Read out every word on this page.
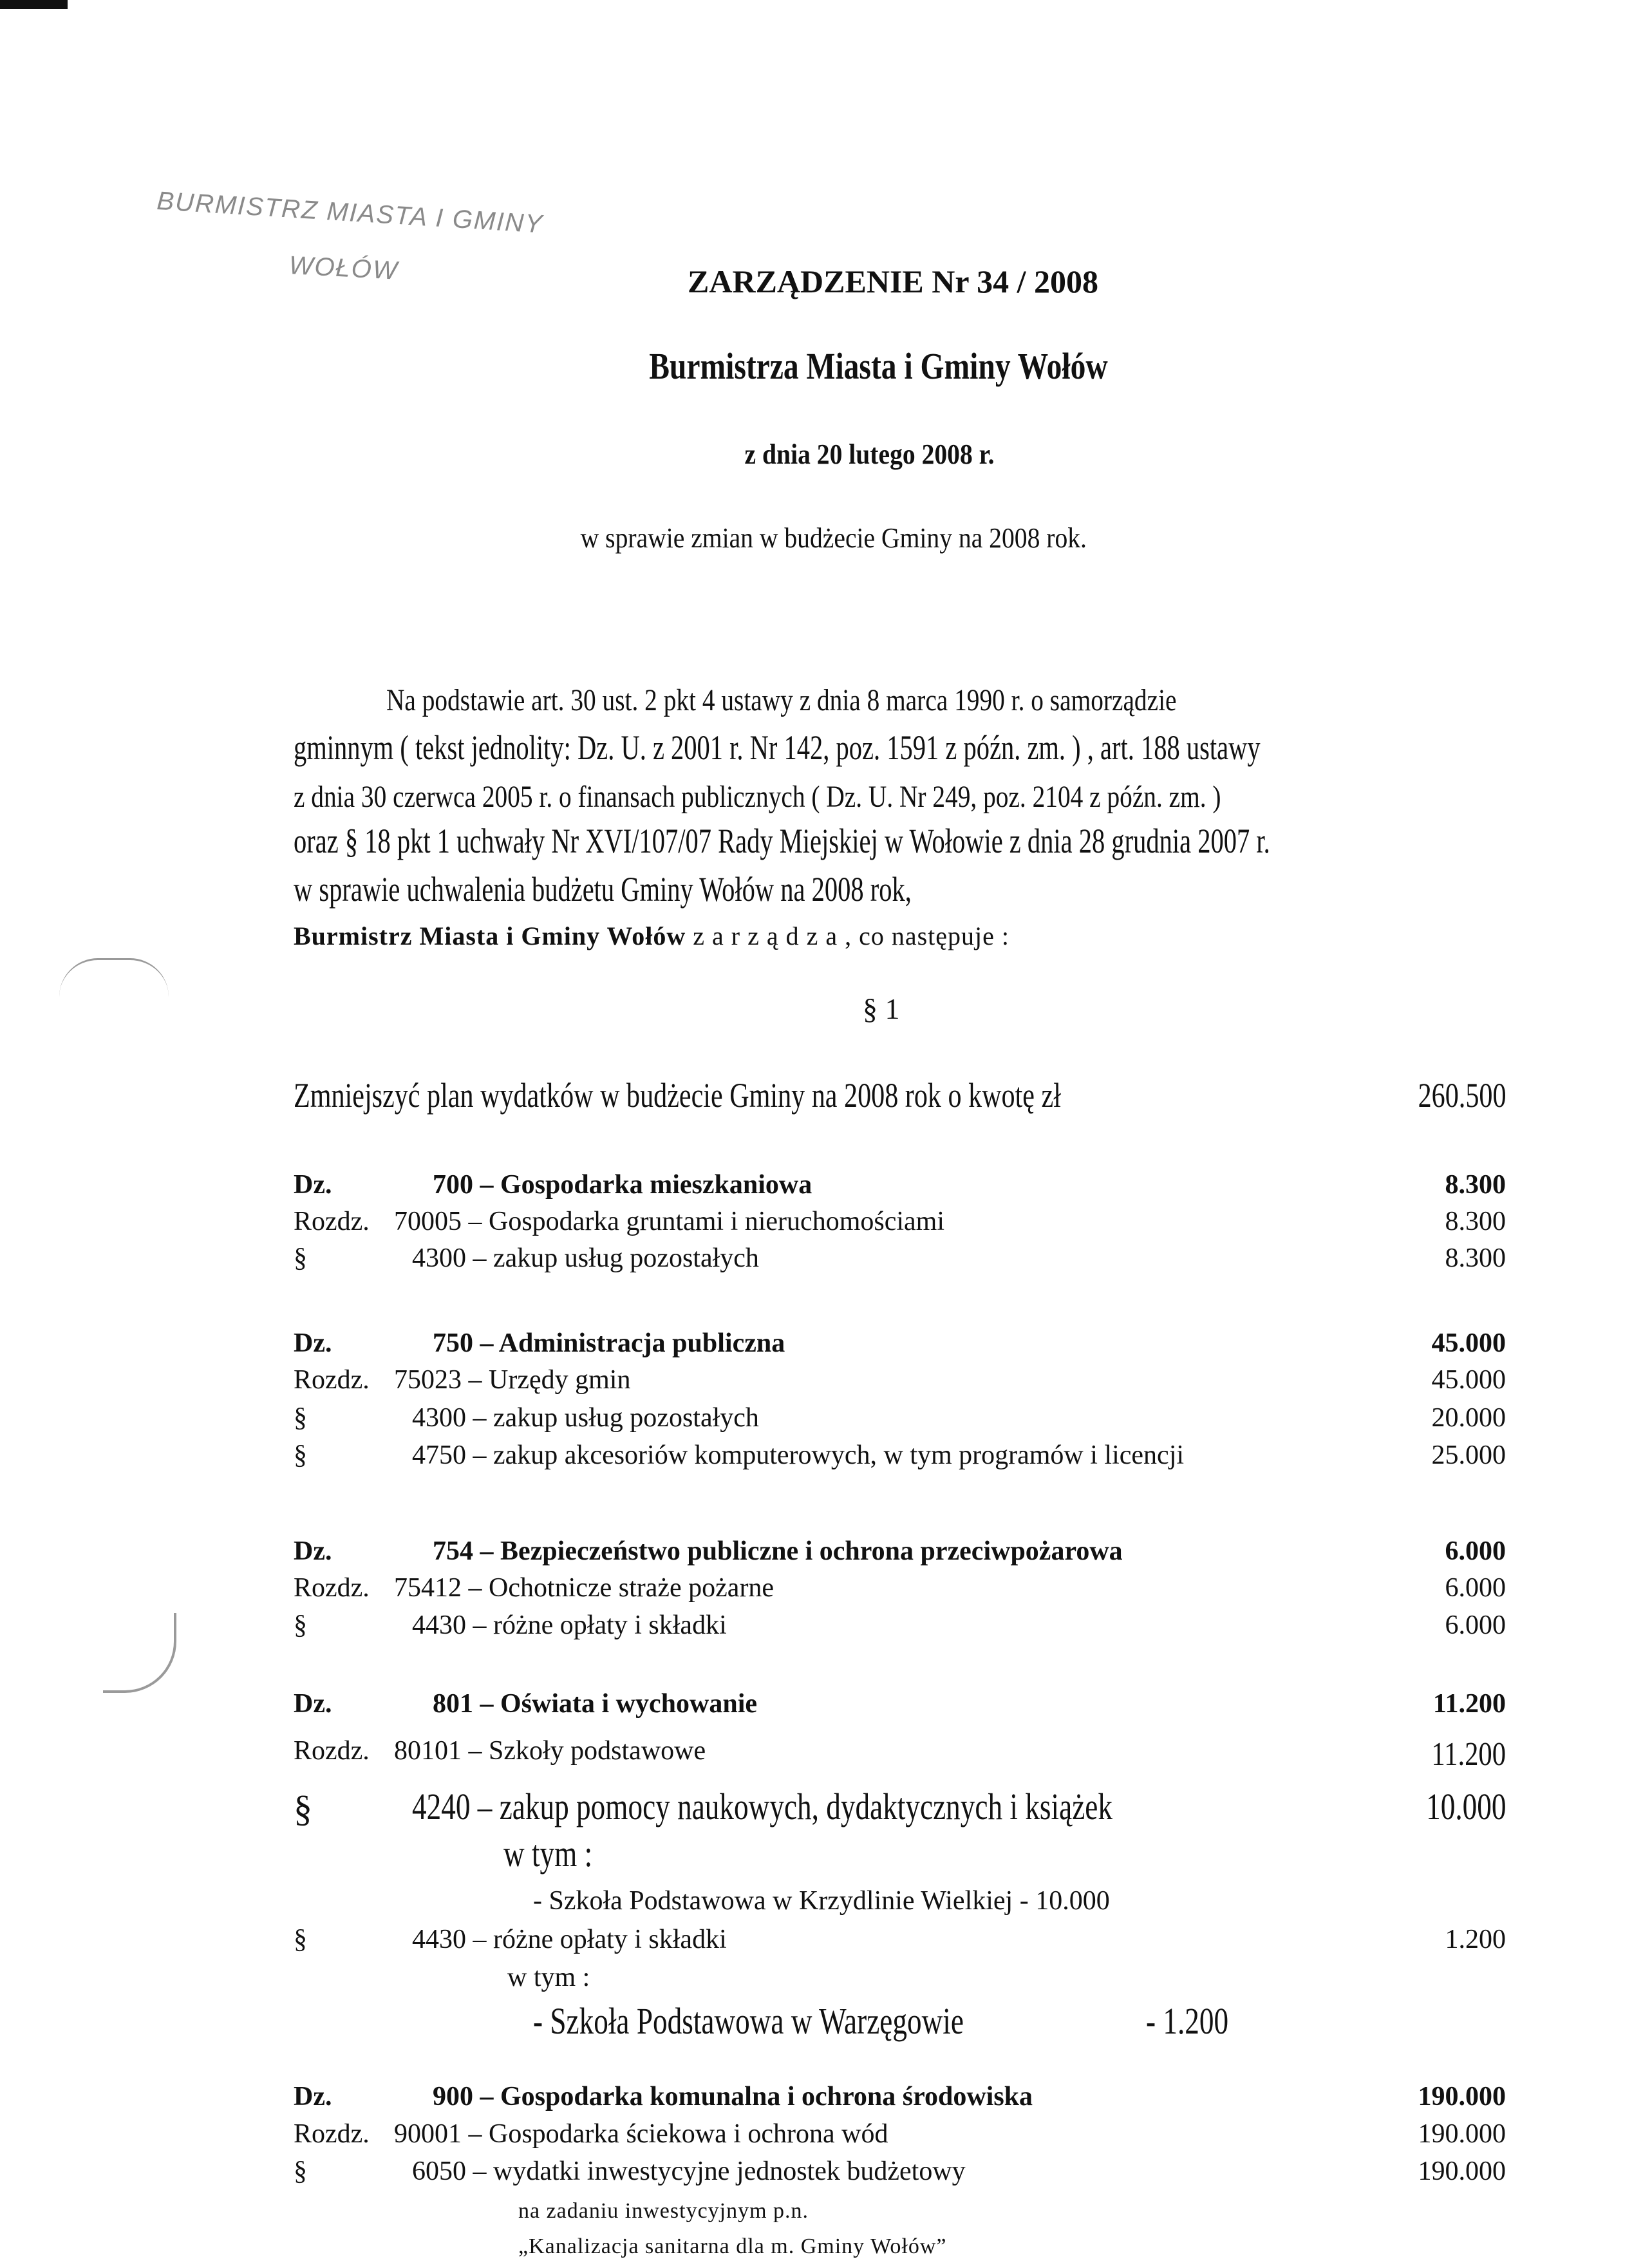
BURMISTRZ MIASTA I GMINY
WOŁÓW	ZARZĄDZENIE Nr 34 / 2008
Burmistrza Miasta i Gminy Wołów
z dnia 20 lutego 2008 r.
w sprawie zmian w budżecie Gminy na 2008 rok.
Na podstawie art. 30 ust. 2 pkt 4 ustawy z dnia 8 marca 1990 r. o samorządzie
gminnym ( tekst jednolity: Dz. U. z 2001 r. Nr 142, poz. 1591 z późn. zm. ) , art. 188 ustawy
z dnia 30 czerwca 2005 r. o finansach publicznych ( Dz. U. Nr 249, poz. 2104 z późn. zm. )
oraz § 18 pkt 1 uchwały Nr XVI/107/07 Rady Miejskiej w Wołowie z dnia 28 grudnia 2007 r.
w sprawie uchwalenia budżetu Gminy Wołów na 2008 rok,
Burmistrz Miasta i Gminy Wołów z a r z ą d z a , co następuje :
§ 1
Zmniejszyć plan wydatków w budżecie Gminy na 2008 rok o kwotę zł	260.500
Dz.	700 – Gospodarka mieszkaniowa	8.300
Rozdz. 70005 – Gospodarka gruntami i nieruchomościami	8.300
§	4300 – zakup usług pozostałych	8.300
Dz.	750 – Administracja publiczna	45.000
Rozdz. 75023 – Urzędy gmin	45.000
§	4300 – zakup usług pozostałych	20.000
§	4750 – zakup akcesoriów komputerowych, w tym programów i licencji	25.000
Dz.	754 – Bezpieczeństwo publiczne i ochrona przeciwpożarowa	6.000
Rozdz. 75412 – Ochotnicze straże pożarne	6.000
§	4430 – różne opłaty i składki	6.000
Dz.	801 – Oświata i wychowanie	11.200
Rozdz. 80101 – Szkoły podstawowe	11.200
§	4240 – zakup pomocy naukowych, dydaktycznych i książek	10.000
w tym :
- Szkoła Podstawowa w Krzydlinie Wielkiej - 10.000
§	4430 – różne opłaty i składki	1.200
w tym :
- Szkoła Podstawowa w Warzęgowie	- 1.200
Dz.	900 – Gospodarka komunalna i ochrona środowiska	190.000
Rozdz. 90001 – Gospodarka ściekowa i ochrona wód	190.000
§	6050 – wydatki inwestycyjne jednostek budżetowy	190.000
na zadaniu inwestycyjnym p.n.
„Kanalizacja sanitarna dla m. Gminy Wołów”
